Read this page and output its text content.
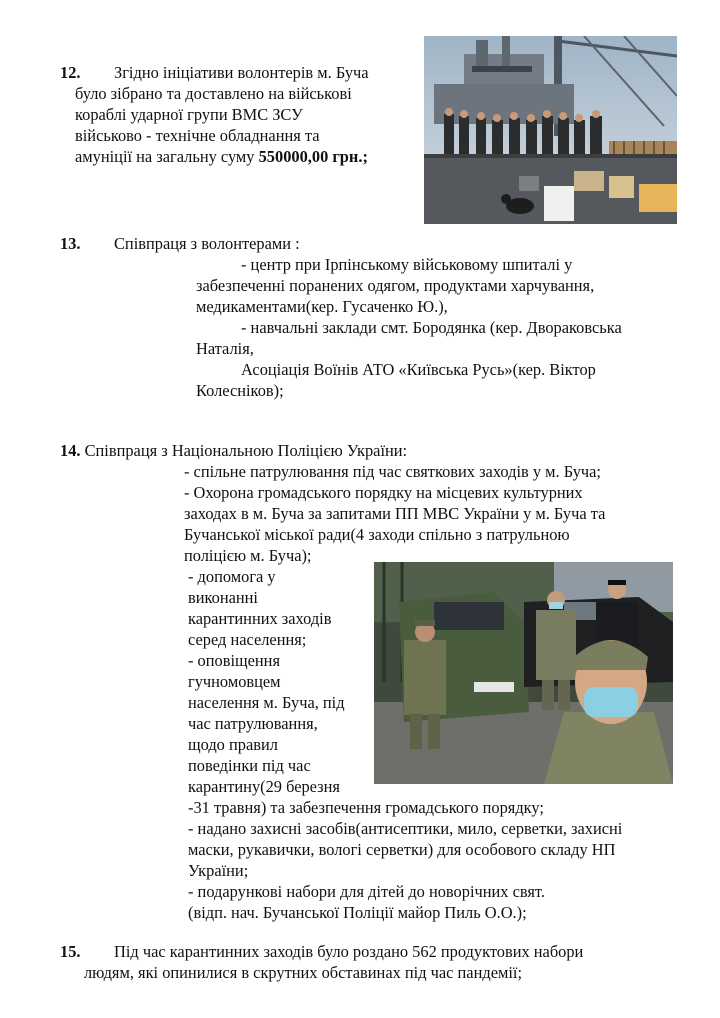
12. Згідно ініціативи волонтерів м. Буча
було зібрано та доставлено на військові
кораблі ударної групи ВМС ЗСУ
військово - технічне обладнання та
амуніції на загальну суму 550000,00 грн.;
13. Співпраця з волонтерами :
- центр при Ірпінському військовому шпиталі у
забезпеченні поранених одягом, продуктами харчування,
медикаментами(кер. Гусаченко Ю.),
- навчальні заклади смт. Бородянка (кер. Двораковська
Наталія,
Асоціація Воїнів АТО «Київська Русь»(кер. Віктор
Колесніков);
14. Співпраця з Національною Поліцією України:
- спільне патрулювання під час святкових заходів у м. Буча;
- Охорона громадського порядку на місцевих культурних
заходах в м. Буча за запитами ПП МВС України у м. Буча та
Бучанської міської ради(4 заходи спільно з патрульною
поліцією м. Буча);
- допомога у
виконанні
карантинних заходів
серед населення;
- оповіщення
гучномовцем
населення м. Буча, під
час патрулювання,
щодо правил
поведінки під час
карантину(29 березня
-31 травня) та забезпечення громадського порядку;
- надано захисні засобів(антисептики, мило, серветки, захисні
маски, рукавички, вологі серветки) для особового складу НП
України;
- подарункові набори для дітей до новорічних свят.
(відп. нач. Бучанської Поліції майор Пиль О.О.);
15. Під час карантинних заходів було роздано 562 продуктових набори
людям, які опинилися в скрутних обставинах під час пандемії;
